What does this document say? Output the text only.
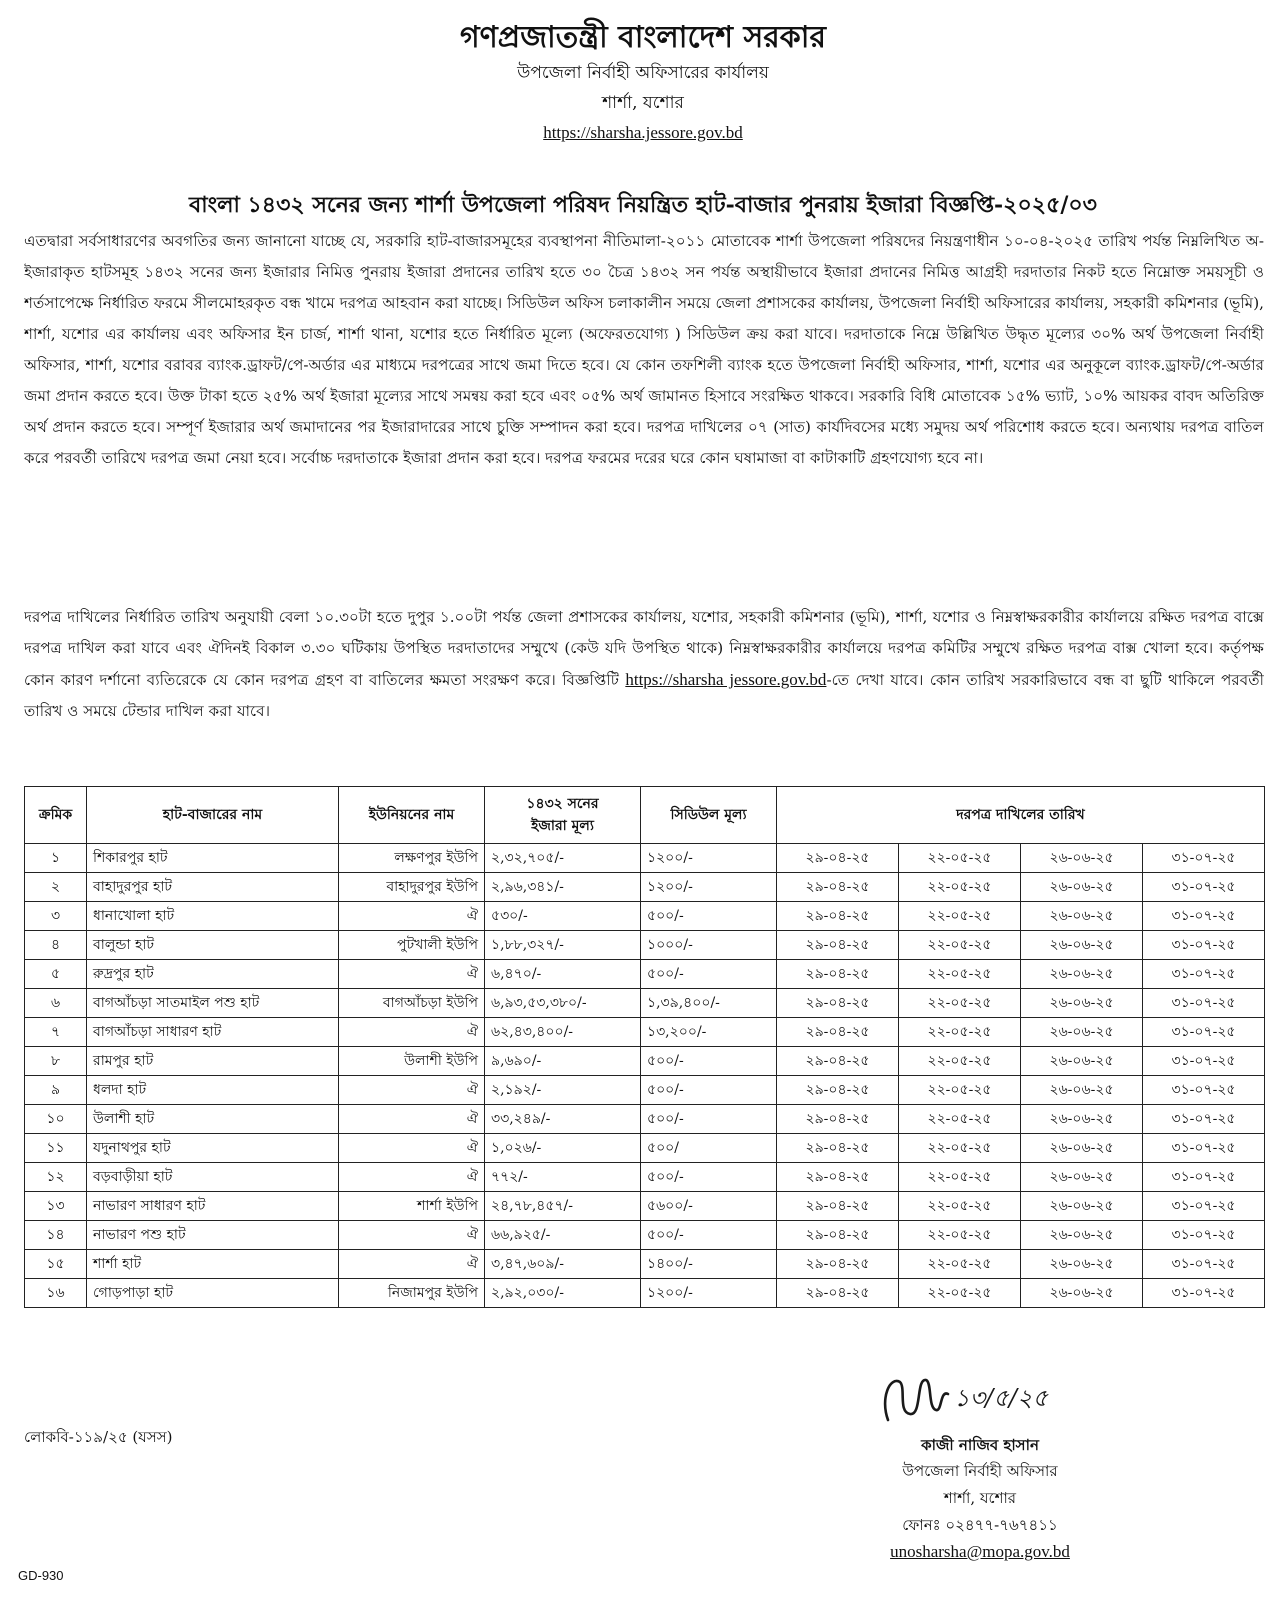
গণপ্রজাতন্ত্রী বাংলাদেশ সরকার
উপজেলা নির্বাহী অফিসারের কার্যালয়
শার্শা, যশোর
https://sharsha.jessore.gov.bd
বাংলা ১৪৩২ সনের জন্য শার্শা উপজেলা পরিষদ নিয়ন্ত্রিত হাট-বাজার পুনরায় ইজারা বিজ্ঞপ্তি-২০২৫/০৩

এতদ্বারা সর্বসাধারণের অবগতির জন্য জানানো যাচ্ছে যে, সরকারি হাট-বাজারসমূহের ব্যবস্থাপনা নীতিমালা-২০১১ মোতাবেক শার্শা উপজেলা পরিষদের নিয়ন্ত্রণাধীন ১০-০৪-২০২৫ তারিখ পর্যন্ত নিম্নলিখিত অ-ইজারাকৃত হাটসমূহ ১৪৩২ সনের জন্য ইজারার নিমিত্ত পুনরায় ইজারা প্রদানের তারিখ হতে ৩০ চৈত্র ১৪৩২ সন পর্যন্ত অস্থায়ীভাবে ইজারা প্রদানের নিমিত্ত আগ্রহী দরদাতার নিকট হতে নিম্নোক্ত সময়সূচী ও শর্তসাপেক্ষে নির্ধারিত ফরমে সীলমোহরকৃত বন্ধ খামে দরপত্র আহবান করা যাচ্ছে। সিডিউল অফিস চলাকালীন সময়ে জেলা প্রশাসকের কার্যালয়, উপজেলা নির্বাহী অফিসারের কার্যালয়, সহকারী কমিশনার (ভূমি), শার্শা, যশোর এর কার্যালয় এবং অফিসার ইন চার্জ, শার্শা থানা, যশোর হতে নির্ধারিত মূল্যে (অফেরতযোগ্য ) সিডিউল ক্রয় করা যাবে। দরদাতাকে নিম্নে উল্লিখিত উদ্ধৃত মূল্যের ৩০% অর্থ উপজেলা নির্বাহী অফিসার, শার্শা, যশোর বরাবর ব্যাংক.ড্রাফট/পে-অর্ডার এর মাধ্যমে দরপত্রের সাথে জমা দিতে হবে। যে কোন তফশিলী ব্যাংক হতে উপজেলা নির্বাহী অফিসার, শার্শা, যশোর এর অনুকূলে ব্যাংক.ড্রাফট/পে-অর্ডার জমা প্রদান করতে হবে। উক্ত টাকা হতে ২৫% অর্থ ইজারা মূল্যের সাথে সমন্বয় করা হবে এবং ০৫% অর্থ জামানত হিসাবে সংরক্ষিত থাকবে। সরকারি বিধি মোতাবেক ১৫% ভ্যাট, ১০% আয়কর বাবদ অতিরিক্ত অর্থ প্রদান করতে হবে। সম্পূর্ণ ইজারার অর্থ জমাদানের পর ইজারাদারের সাথে চুক্তি সম্পাদন করা হবে। দরপত্র দাখিলের ০৭ (সাত) কার্যদিবসের মধ্যে সমুদয় অর্থ পরিশোধ করতে হবে। অন্যথায় দরপত্র বাতিল করে পরবর্তী তারিখে দরপত্র জমা নেয়া হবে। সর্বোচ্চ দরদাতাকে ইজারা প্রদান করা হবে। দরপত্র ফরমের দরের ঘরে কোন ঘষামাজা বা কাটাকাটি গ্রহণযোগ্য হবে না।

দরপত্র দাখিলের নির্ধারিত তারিখ অনুযায়ী বেলা ১০.৩০টা হতে দুপুর ১.০০টা পর্যন্ত জেলা প্রশাসকের কার্যালয়, যশোর, সহকারী কমিশনার (ভূমি), শার্শা, যশোর ও নিম্নস্বাক্ষরকারীর কার্যালয়ে রক্ষিত দরপত্র বাক্সে দরপত্র দাখিল করা যাবে এবং ঐদিনই বিকাল ৩.৩০ ঘটিকায় উপস্থিত দরদাতাদের সম্মুখে (কেউ যদি উপস্থিত থাকে) নিম্নস্বাক্ষরকারীর কার্যালয়ে দরপত্র কমিটির সম্মুখে রক্ষিত দরপত্র বাক্স খোলা হবে। কর্তৃপক্ষ কোন কারণ দর্শানো ব্যতিরেকে যে কোন দরপত্র গ্রহণ বা বাতিলের ক্ষমতা সংরক্ষণ করে। বিজ্ঞপ্তিটি https://sharsha jessore.gov.bd-তে দেখা যাবে। কোন তারিখ সরকারিভাবে বন্ধ বা ছুটি থাকিলে পরবর্তী তারিখ ও সময়ে টেন্ডার দাখিল করা যাবে।

ক্রমিক	হাট-বাজারের নাম	ইউনিয়নের নাম	১৪৩২ সনের
ইজারা মূল্য	সিডিউল মূল্য	দরপত্র দাখিলের তারিখ			
১	শিকারপুর হাট	লক্ষণপুর ইউপি	২,৩২,৭০৫/-	১২০০/-	২৯-০৪-২৫	২২-০৫-২৫	২৬-০৬-২৫	৩১-০৭-২৫
২	বাহাদুরপুর হাট	বাহাদুরপুর ইউপি	২,৯৬,৩৪১/-	১২০০/-	২৯-০৪-২৫	২২-০৫-২৫	২৬-০৬-২৫	৩১-০৭-২৫
৩	ধানাখোলা হাট	ঐ	৫৩০/-	৫০০/-	২৯-০৪-২৫	২২-০৫-২৫	২৬-০৬-২৫	৩১-০৭-২৫
৪	বালুন্ডা হাট	পুটখালী ইউপি	১,৮৮,৩২৭/-	১০০০/-	২৯-০৪-২৫	২২-০৫-২৫	২৬-০৬-২৫	৩১-০৭-২৫
৫	রুদ্রপুর হাট	ঐ	৬,৪৭০/-	৫০০/-	২৯-০৪-২৫	২২-০৫-২৫	২৬-০৬-২৫	৩১-০৭-২৫
৬	বাগআঁচড়া সাতমাইল পশু হাট	বাগআঁচড়া ইউপি	৬,৯৩,৫৩,৩৮০/-	১,৩৯,৪০০/-	২৯-০৪-২৫	২২-০৫-২৫	২৬-০৬-২৫	৩১-০৭-২৫
৭	বাগআঁচড়া সাধারণ হাট	ঐ	৬২,৪৩,৪০০/-	১৩,২০০/-	২৯-০৪-২৫	২২-০৫-২৫	২৬-০৬-২৫	৩১-০৭-২৫
৮	রামপুর হাট	উলাশী ইউপি	৯,৬৯০/-	৫০০/-	২৯-০৪-২৫	২২-০৫-২৫	২৬-০৬-২৫	৩১-০৭-২৫
৯	ধলদা হাট	ঐ	২,১৯২/-	৫০০/-	২৯-০৪-২৫	২২-০৫-২৫	২৬-০৬-২৫	৩১-০৭-২৫
১০	উলাশী হাট	ঐ	৩৩,২৪৯/-	৫০০/-	২৯-০৪-২৫	২২-০৫-২৫	২৬-০৬-২৫	৩১-০৭-২৫
১১	যদুনাথপুর হাট	ঐ	১,০২৬/-	৫০০/	২৯-০৪-২৫	২২-০৫-২৫	২৬-০৬-২৫	৩১-০৭-২৫
১২	বড়বাড়ীয়া হাট	ঐ	৭৭২/-	৫০০/-	২৯-০৪-২৫	২২-০৫-২৫	২৬-০৬-২৫	৩১-০৭-২৫
১৩	নাভারণ সাধারণ হাট	শার্শা ইউপি	২৪,৭৮,৪৫৭/-	৫৬০০/-	২৯-০৪-২৫	২২-০৫-২৫	২৬-০৬-২৫	৩১-০৭-২৫
১৪	নাভারণ পশু হাট	ঐ	৬৬,৯২৫/-	৫০০/-	২৯-০৪-২৫	২২-০৫-২৫	২৬-০৬-২৫	৩১-০৭-২৫
১৫	শার্শা হাট	ঐ	৩,৪৭,৬০৯/-	১৪০০/-	২৯-০৪-২৫	২২-০৫-২৫	২৬-০৬-২৫	৩১-০৭-২৫
১৬	গোড়পাড়া হাট	নিজামপুর ইউপি	২,৯২,০৩০/-	১২০০/-	২৯-০৪-২৫	২২-০৫-২৫	২৬-০৬-২৫	৩১-০৭-২৫
লোকবি-১১৯/২৫ (যসস)
১৩/৫/২৫
কাজী নাজিব হাসান
উপজেলা নির্বাহী অফিসার
শার্শা, যশোর
ফোনঃ ০২৪৭৭-৭৬৭৪১১
unosharsha@mopa.gov.bd
GD-930
